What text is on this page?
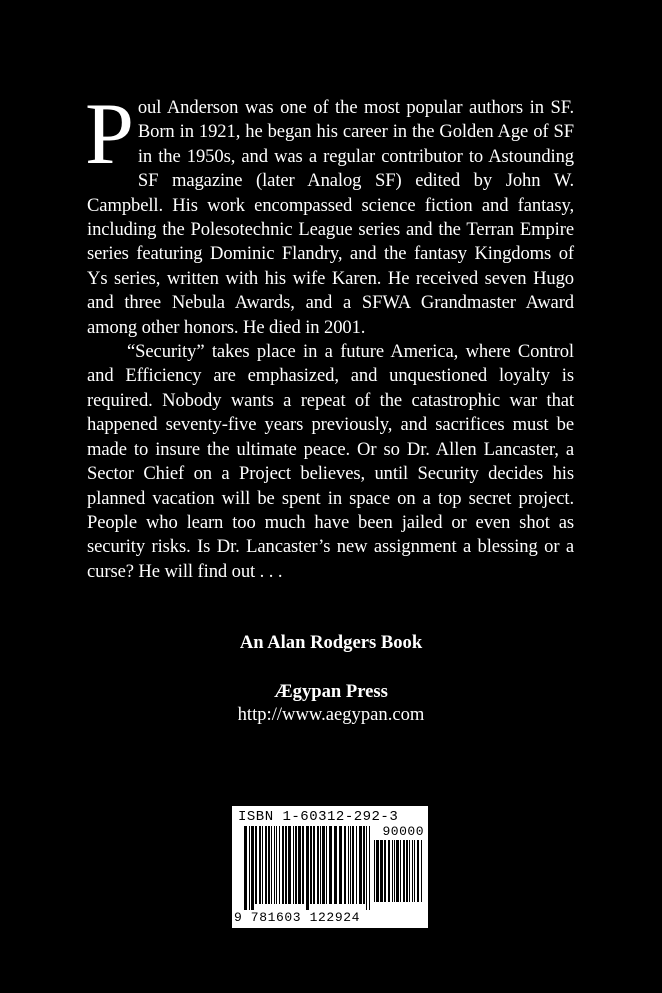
Poul Anderson was one of the most popular authors in SF. Born in 1921, he began his career in the Golden Age of SF in the 1950s, and was a regular contributor to Astounding SF magazine (later Analog SF) edited by John W. Campbell. His work encompassed science fiction and fantasy, including the Polesotechnic League series and the Terran Empire series featuring Dominic Flandry, and the fantasy Kingdoms of Ys series, written with his wife Karen. He received seven Hugo and three Nebula Awards, and a SFWA Grandmaster Award among other honors. He died in 2001.

“Security” takes place in a future America, where Control and Efficiency are emphasized, and unquestioned loyalty is required. Nobody wants a repeat of the catastrophic war that happened seventy-five years previously, and sacrifices must be made to insure the ultimate peace. Or so Dr. Allen Lancaster, a Sector Chief on a Project believes, until Security decides his planned vacation will be spent in space on a top secret project. People who learn too much have been jailed or even shot as security risks. Is Dr. Lancaster’s new assignment a blessing or a curse? He will find out . . .

An Alan Rodgers Book
Ægypan Press
http://www.aegypan.com
ISBN 1-60312-292-3
90000
9 781603 122924
